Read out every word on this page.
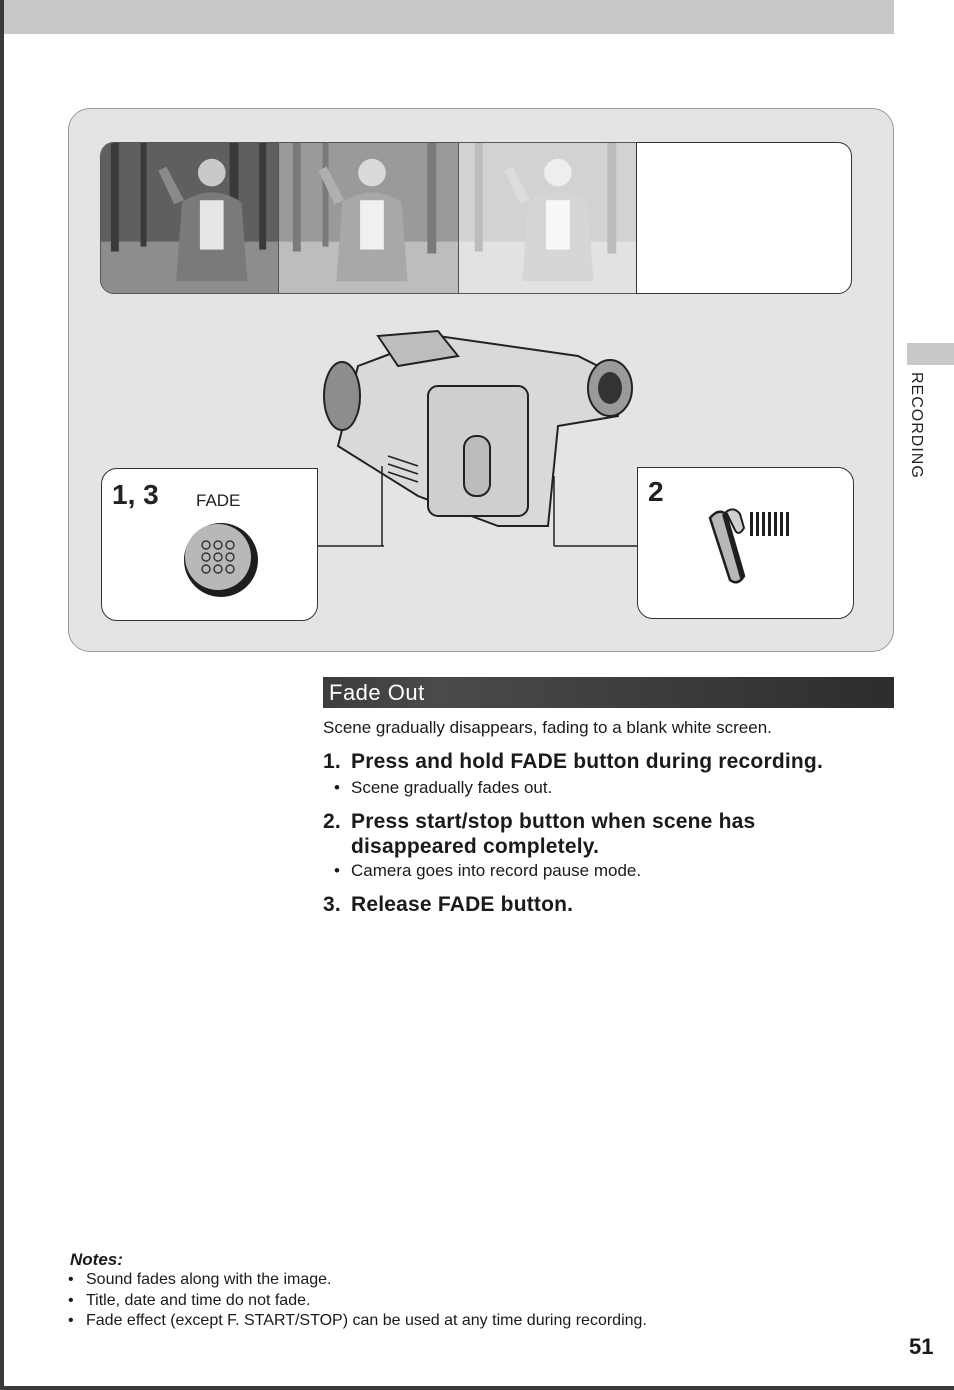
RECORDING
1, 3 FADE	2
Fade Out
Scene gradually disappears, fading to a blank white screen.
1. Press and hold FADE button during recording.
• Scene gradually fades out.
2. Press start/stop button when scene has
disappeared completely.
• Camera goes into record pause mode.
3. Release FADE button.
Notes:
• Sound fades along with the image.
• Title, date and time do not fade.
• Fade effect (except F. START/STOP) can be used at any time during recording.
51
